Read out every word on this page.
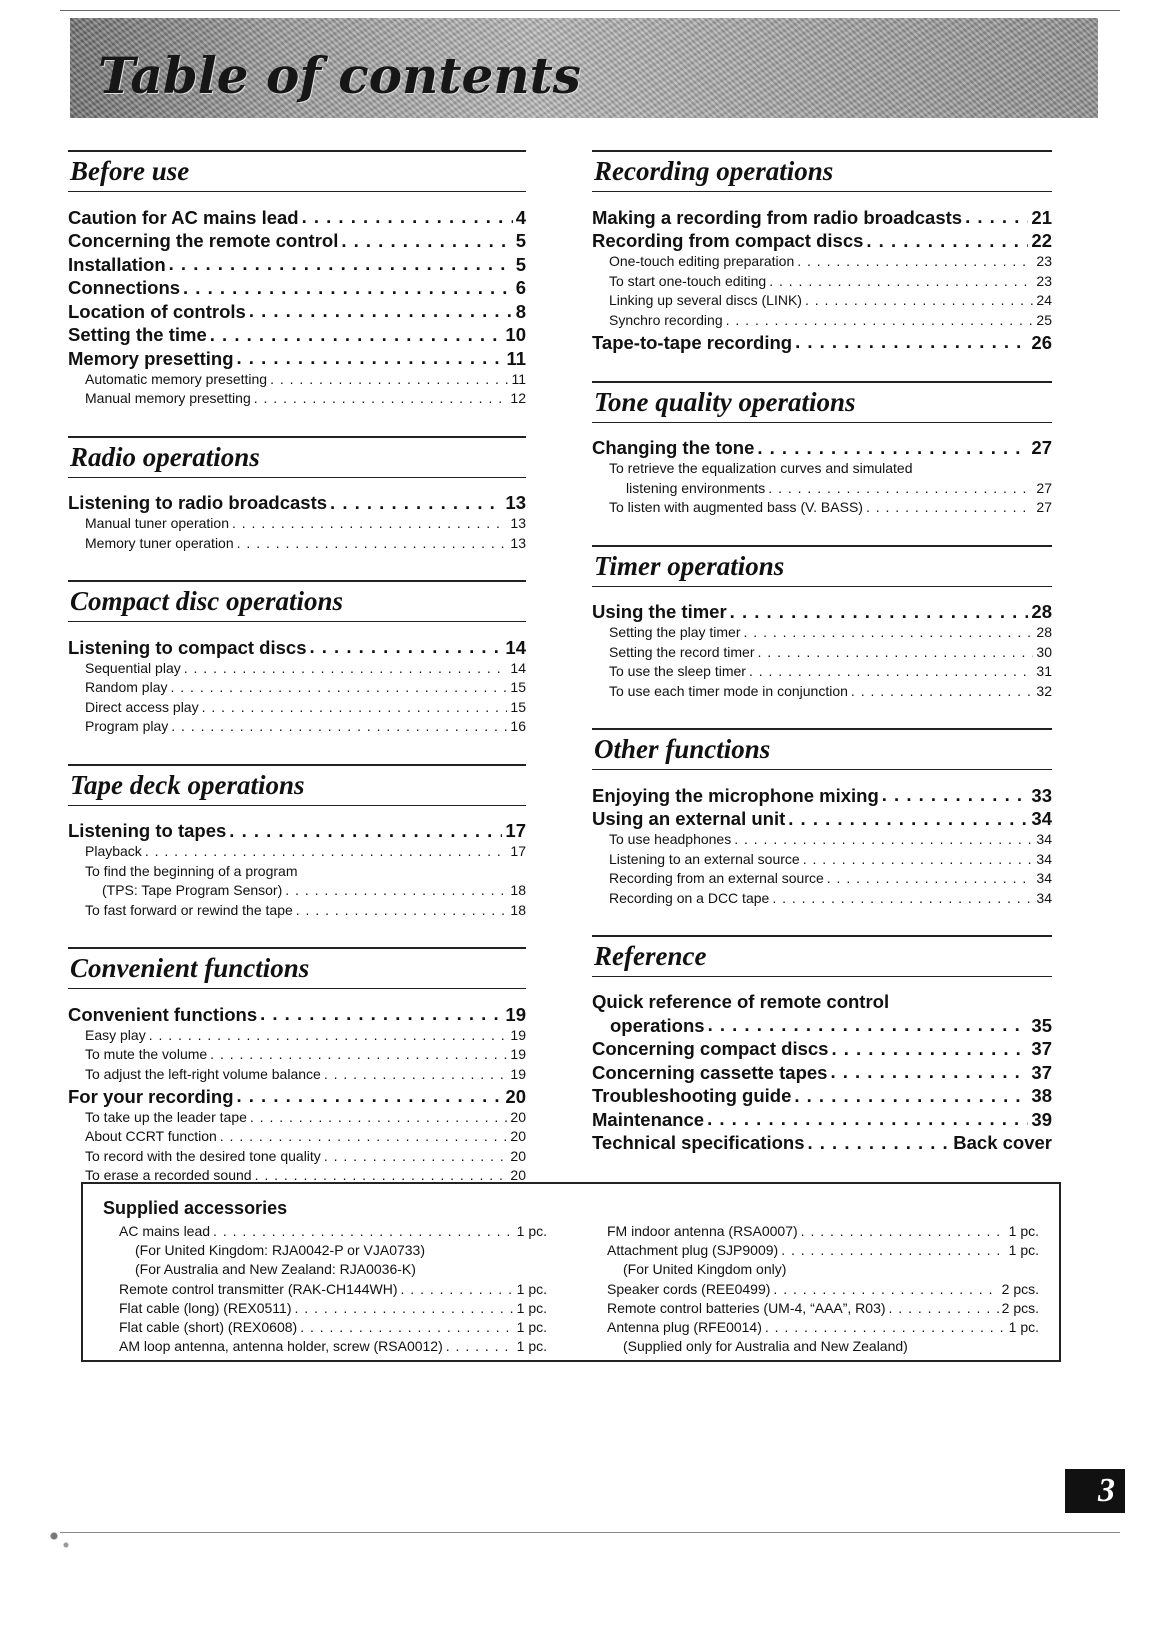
Table of contents
Before use
Caution for AC mains lead . . .	4
Concerning the remote control . . .	5
Installation . . .	5
Connections . . .	6
Location of controls . . .	8
Setting the time . . .	10
Memory presetting . . .	11
Automatic memory presetting . . .	11
Manual memory presetting . . .	12
Radio operations
Listening to radio broadcasts . . .	13
Manual tuner operation . . .	13
Memory tuner operation . . .	13
Compact disc operations
Listening to compact discs . . .	14
Sequential play . . .	14
Random play . . .	15
Direct access play . . .	15
Program play . . .	16
Tape deck operations
Listening to tapes . . .	17
Playback . . .	17
To find the beginning of a program
(TPS: Tape Program Sensor) . . .	18
To fast forward or rewind the tape . . .	18
Convenient functions
Convenient functions . . .	19
Easy play . . .	19
To mute the volume . . .	19
To adjust the left-right volume balance . . .	19
For your recording . . .	20
To take up the leader tape . . .	20
About CCRT function . . .	20
To record with the desired tone quality . . .	20
To erase a recorded sound . . .	20
Recording operations
Making a recording from radio broadcasts . . .	21
Recording from compact discs . . .	22
One-touch editing preparation . . .	23
To start one-touch editing . . .	23
Linking up several discs (LINK) . . .	24
Synchro recording . . .	25
Tape-to-tape recording . . .	26
Tone quality operations
Changing the tone . . .	27
To retrieve the equalization curves and simulated
listening environments . . .	27
To listen with augmented bass (V. BASS) . . .	27
Timer operations
Using the timer . . .	28
Setting the play timer . . .	28
Setting the record timer . . .	30
To use the sleep timer . . .	31
To use each timer mode in conjunction . . .	32
Other functions
Enjoying the microphone mixing . . .	33
Using an external unit . . .	34
To use headphones . . .	34
Listening to an external source . . .	34
Recording from an external source . . .	34
Recording on a DCC tape . . .	34
Reference
Quick reference of remote control
operations . . .	35
Concerning compact discs . . .	37
Concerning cassette tapes . . .	37
Troubleshooting guide . . .	38
Maintenance . . .	39
Technical specifications . . .	Back cover
Supplied accessories
AC mains lead . . .	1 pc.
(For United Kingdom: RJA0042-P or VJA0733)
(For Australia and New Zealand: RJA0036-K)
Remote control transmitter (RAK-CH144WH) . . .	1 pc.
Flat cable (long) (REX0511) . . .	1 pc.
Flat cable (short) (REX0608) . . .	1 pc.
AM loop antenna, antenna holder, screw (RSA0012) . . .	1 pc.
FM indoor antenna (RSA0007) . . .	1 pc.
Attachment plug (SJP9009) . . .	1 pc.
(For United Kingdom only)
Speaker cords (REE0499) . . .	2 pcs.
Remote control batteries (UM-4, “AAA”, R03) . . .	2 pcs.
Antenna plug (RFE0014) . . .	1 pc.
(Supplied only for Australia and New Zealand)
3
